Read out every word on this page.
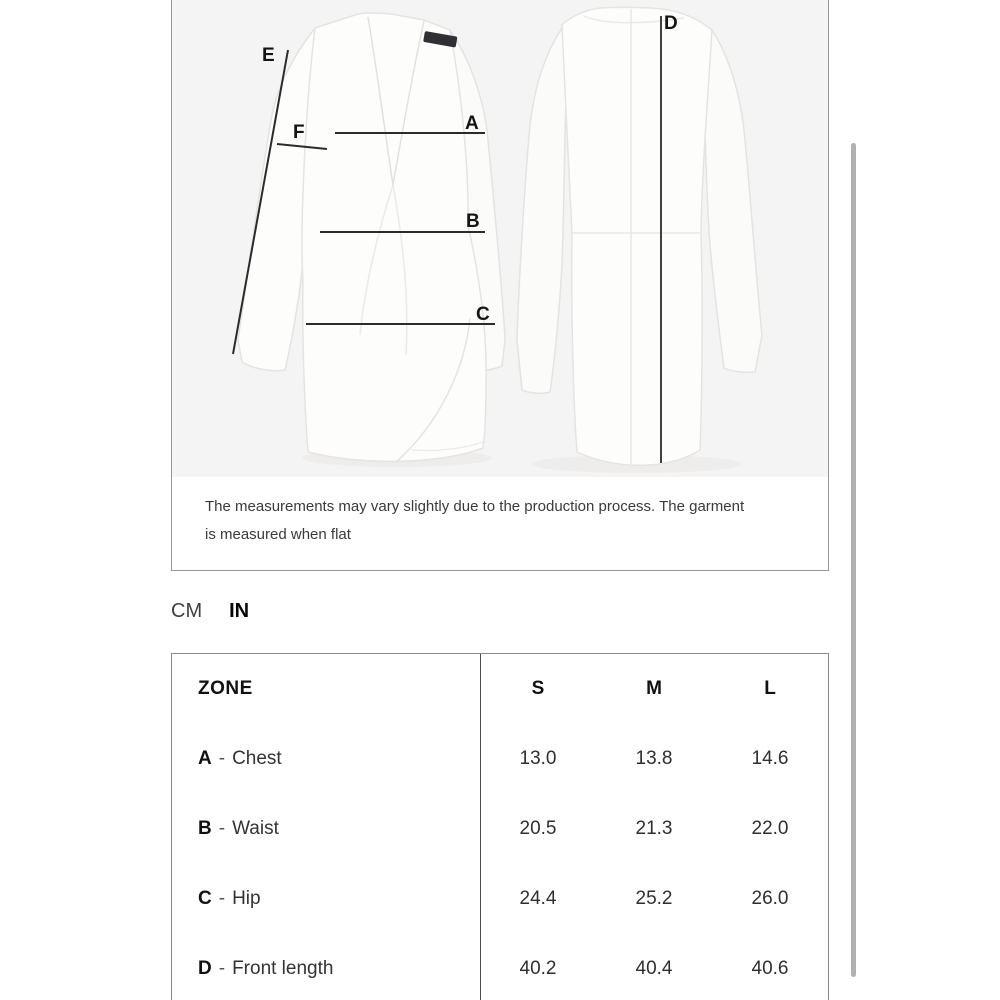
A
B
C
D
E
F
The measurements may vary slightly due to the production process. The garment
is measured when flat
CM IN
ZONE	S	M	L
A - Chest	13.0	13.8	14.6
B - Waist	20.5	21.3	22.0
C - Hip	24.4	25.2	26.0
D - Front length	40.2	40.4	40.6
